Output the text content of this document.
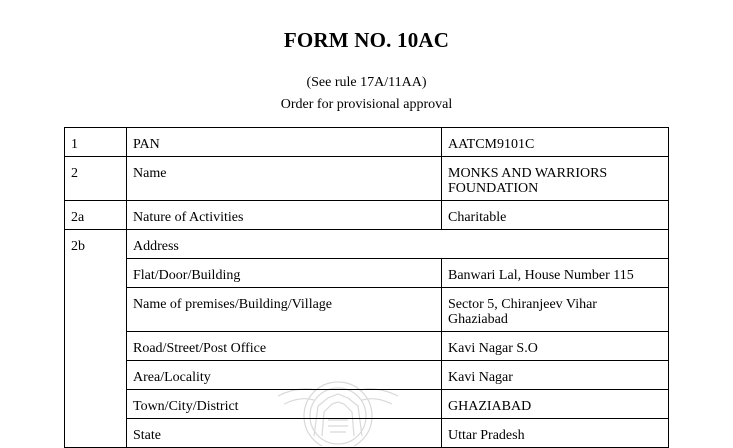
FORM NO. 10AC
(See rule 17A/11AA)
Order for provisional approval
1	PAN	AATCM9101C
2	Name	MONKS AND WARRIORS
FOUNDATION
2a	Nature of Activities	Charitable
2b	Address	
	Flat/Door/Building	Banwari Lal, House Number 115
	Name of premises/Building/Village	Sector 5, Chiranjeev Vihar
Ghaziabad
	Road/Street/Post Office	Kavi Nagar S.O
	Area/Locality	Kavi Nagar
	Town/City/District	GHAZIABAD
	State	Uttar Pradesh
